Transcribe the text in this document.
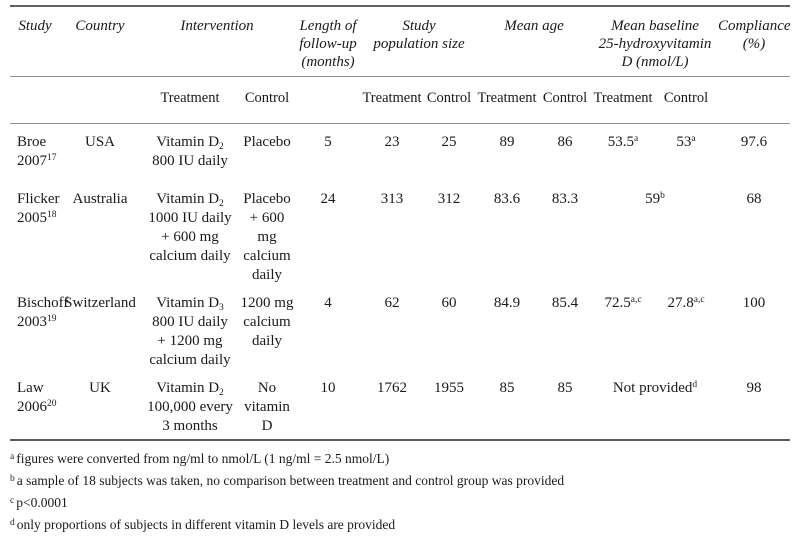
Study	Country	Intervention		Length of
follow-up
(months)	Study
population size		Mean age		Mean baseline
25-hydroxyvitamin
D (nmol/L)		Compliance
(%)
		Treatment	Control		Treatment	Control	Treatment	Control	Treatment	Control	
Broe
2007$^{17}$	USA	Vitamin $D_2$
800 IU daily	Placebo	5	23	25	89	86	53.5$^a$	53$^a$	97.6
Flicker
2005$^{18}$	Australia	Vitamin $D_2$
1000 IU daily
+ 600 mg
calcium daily	Placebo
+ 600 mg
calcium
daily	24	313	312	83.6	83.3	59$^b$		68
Bischoff
2003$^{19}$	Switzerland	Vitamin $D_3$
800 IU daily
+ 1200 mg
calcium daily	1200 mg
calcium
daily	4	62	60	84.9	85.4	72.5$^{a,c}$	27.8$^{a,c}$	100
Law
2006$^{20}$	UK	Vitamin $D_2$
100,000 every
3 months	No vitamin
D	10	1762	1955	85	85	Not provided$^d$		98
$^a$ figures were converted from ng/ml to nmol/L (1 ng/ml = 2.5 nmol/L)
$^b$ a sample of 18 subjects was taken, no comparison between treatment and control group was provided
$^c$ p<0.0001
$^d$ only proportions of subjects in different vitamin D levels are provided
